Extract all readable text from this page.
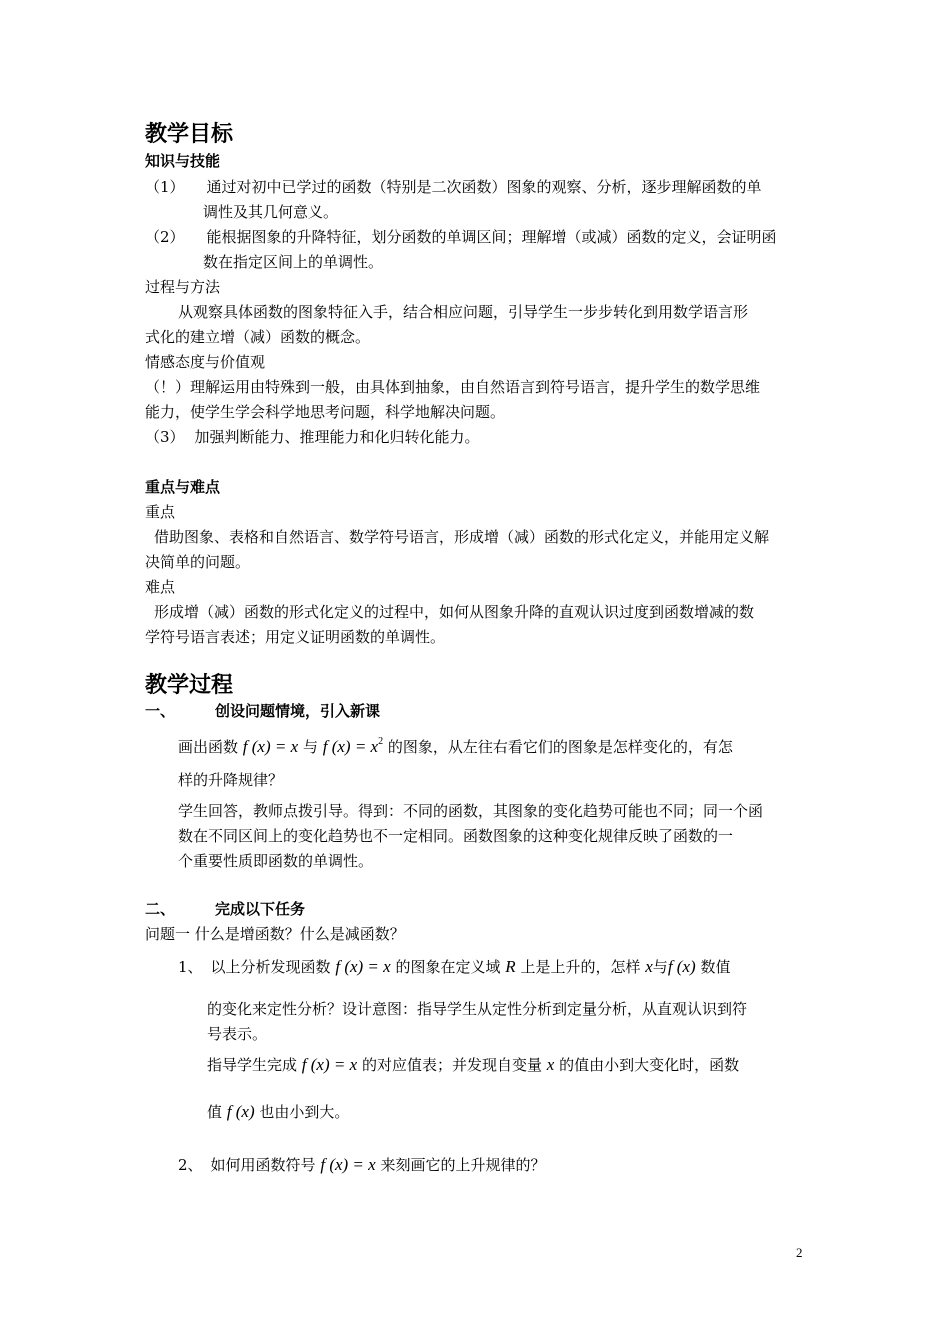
教学目标
知识与技能
（1） 通过对初中已学过的函数（特别是二次函数）图象的观察、分析，逐步理解函数的单
调性及其几何意义。
（2） 能根据图象的升降特征，划分函数的单调区间；理解增（或减）函数的定义，会证明函
数在指定区间上的单调性。
过程与方法
从观察具体函数的图象特征入手，结合相应问题，引导学生一步步转化到用数学语言形
式化的建立增（减）函数的概念。
情感态度与价值观
（！）理解运用由特殊到一般，由具体到抽象，由自然语言到符号语言，提升学生的数学思维
能力，使学生学会科学地思考问题，科学地解决问题。
（3） 加强判断能力、推理能力和化归转化能力。
重点与难点
重点
借助图象、表格和自然语言、数学符号语言，形成增（减）函数的形式化定义，并能用定义解
决简单的问题。
难点
形成增（减）函数的形式化定义的过程中，如何从图象升降的直观认识过度到函数增减的数
学符号语言表述；用定义证明函数的单调性。
教学过程
一、	创设问题情境，引入新课
画出函数 f (x) = x 与 f $(x) = x^2$ 的图象，从左往右看它们的图象是怎样变化的，有怎
样的升降规律？
学生回答，教师点拨引导。得到：不同的函数，其图象的变化趋势可能也不同；同一个函
数在不同区间上的变化趋势也不一定相同。函数图象的这种变化规律反映了函数的一
个重要性质即函数的单调性。
二、	完成以下任务
问题一 什么是增函数？什么是减函数？
1、 以上分析发现函数 f (x) = x 的图象在定义域 R 上是上升的，怎样 x与f (x) 数值
的变化来定性分析？设计意图：指导学生从定性分析到定量分析，从直观认识到符
号表示。
指导学生完成 f (x) = x 的对应值表；并发现自变量 x 的值由小到大变化时，函数
值 f (x) 也由小到大。
2、 如何用函数符号 f (x) = x 来刻画它的上升规律的？
2
